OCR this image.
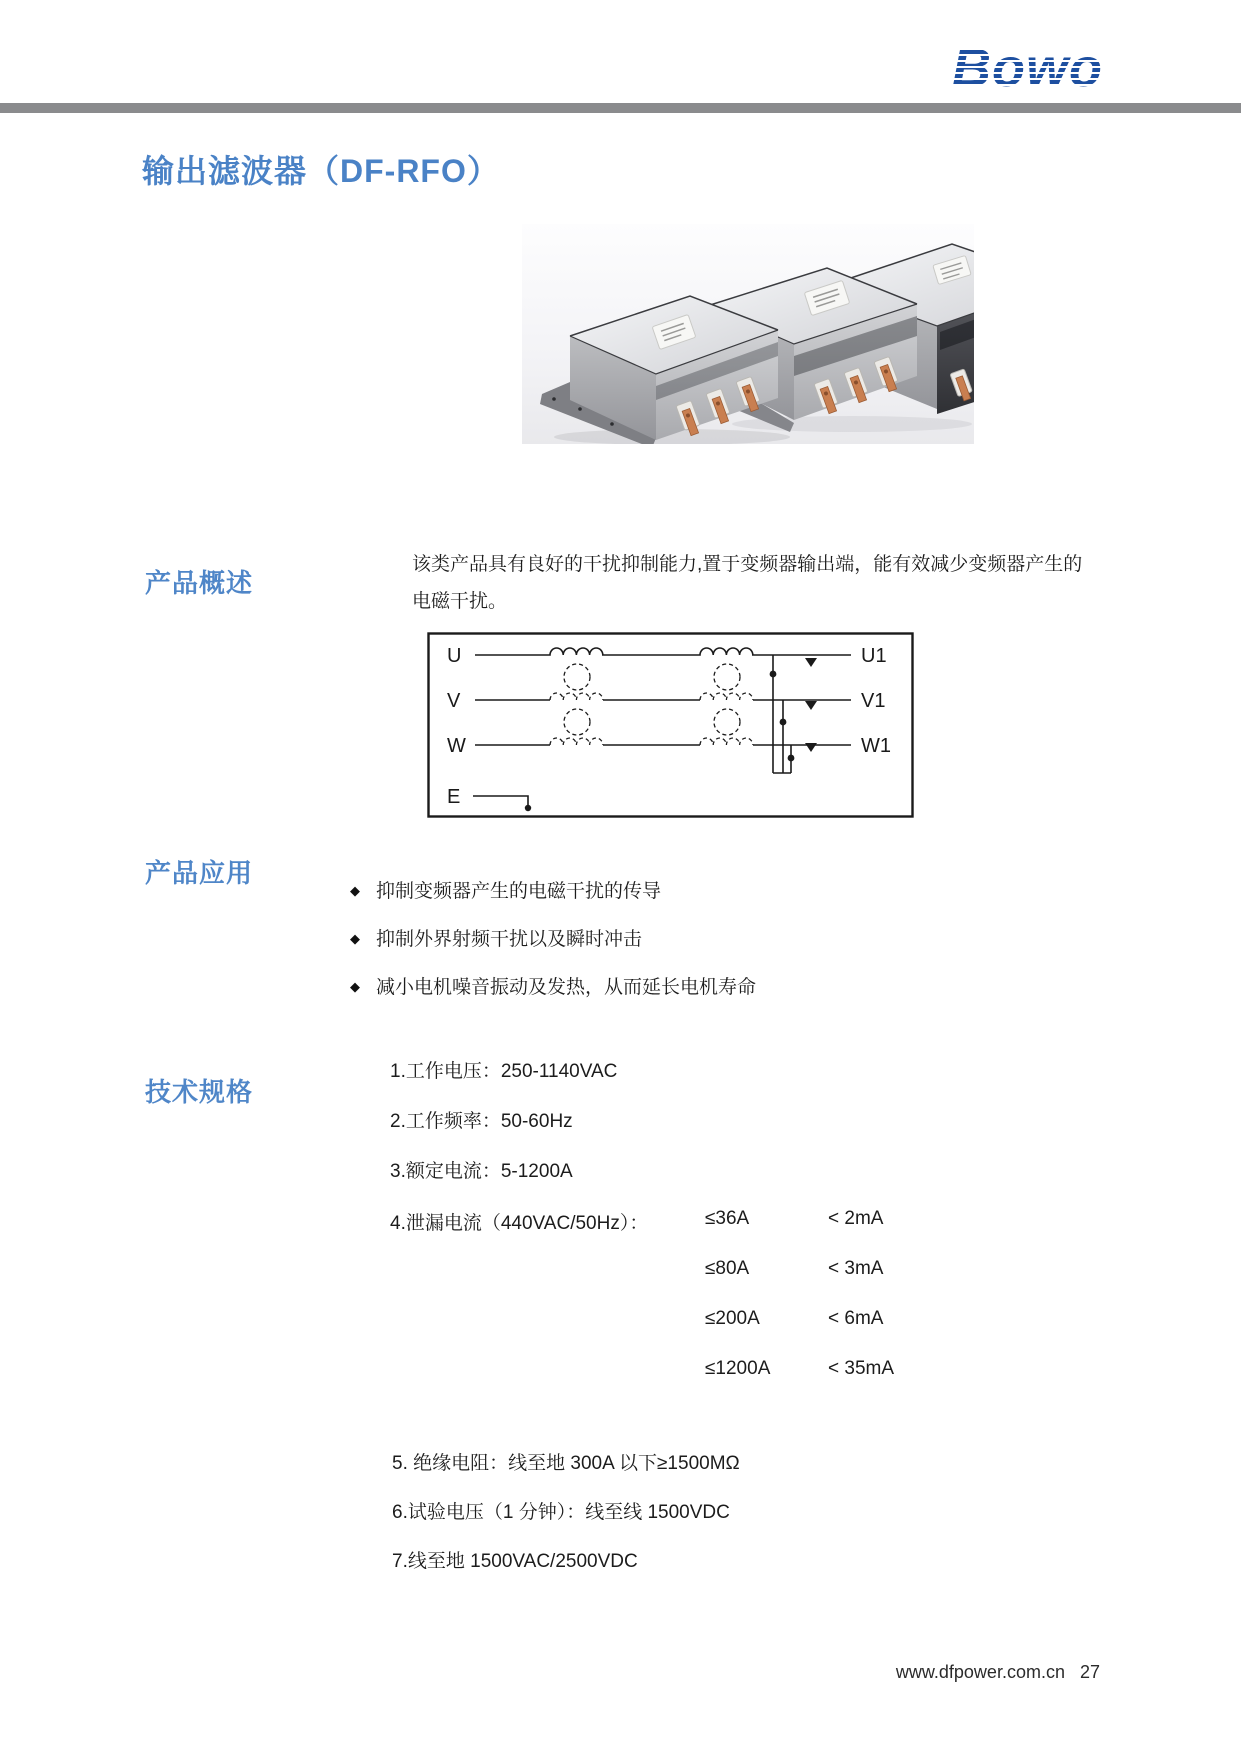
Bowo
输出滤波器（DF-RFO）
产品概述
该类产品具有良好的干扰抑制能力,置于变频器输出端，能有效减少变频器产生的
电磁干扰。
U
V
W
E
U1
V1
W1
产品应用
◆ 抑制变频器产生的电磁干扰的传导
◆ 抑制外界射频干扰以及瞬时冲击
◆ 减小电机噪音振动及发热，从而延长电机寿命
技术规格
1.工作电压：250-1140VAC
2.工作频率：50-60Hz
3.额定电流：5-1200A
4.泄漏电流（440VAC/50Hz）：	≤36A	< 2mA
≤80A	< 3mA
≤200A	< 6mA
≤1200A	< 35mA
5. 绝缘电阻：线至地 300A 以下≥1500MΩ
6.试验电压（1 分钟）：线至线 1500VDC
7.线至地 1500VAC/2500VDC
www.dfpower.com.cn 27
